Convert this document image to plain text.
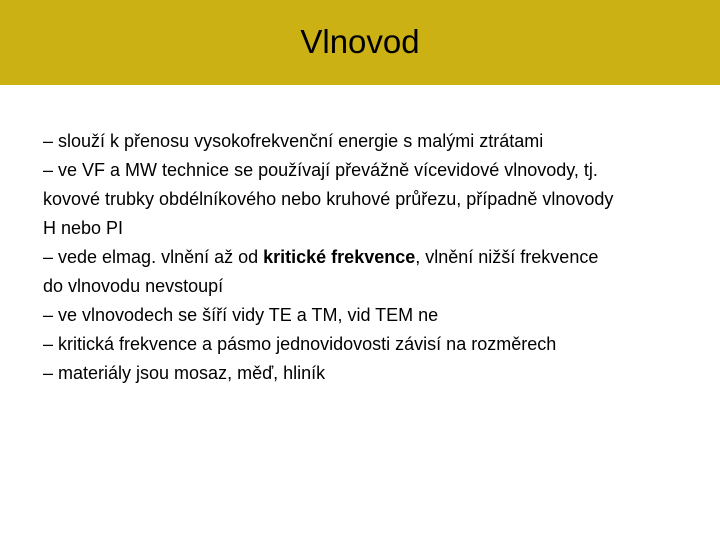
Vlnovod
– slouží k přenosu vysokofrekvenční energie s malými ztrátami
– ve VF a MW technice se používají převážně vícevidové vlnovody, tj.
kovové trubky obdélníkového nebo kruhové průřezu, případně vlnovody
H nebo PI
– vede elmag. vlnění až od kritické frekvence, vlnění nižší frekvence
do vlnovodu nevstoupí
– ve vlnovodech se šíří vidy TE a TM, vid TEM ne
– kritická frekvence a pásmo jednovidovosti závisí na rozměrech
– materiály jsou mosaz, měď, hliník
